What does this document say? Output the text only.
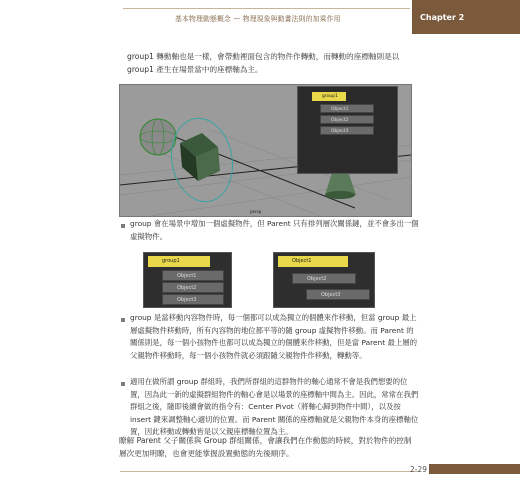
基本物理動態概念 — 物理現象與動畫法則的加乘作用	Chapter 2
group1 轉動軸也是一樣，會帶動裡面包含的物件作轉動，而轉動的座標軸則是以 group1 產生在場景當中的座標軸為主。
persp
group1
Object1
Object2
Object3
group 會在場景中增加一個虛擬物件，但 Parent 只有排列層次關係鏈，並不會多出一個虛擬物件。
group1
Object1
Object2
Object3
Object1
Object2
Object3
group 是當移動內容物件時，每一個都可以成為獨立的個體來作移動，但當 group 最上層虛擬物件移動時，所有內容物的地位都平等的隨 group 虛擬物件移動。而 Parent 的關係則是，每一個小孩物件也都可以成為獨立的個體來作移動，但是當 Parent 最上層的父親物件移動時，每一個小孩物件就必須跟隨父親物件作移動，轉動等。
適用在做所謂 group 群組時，我們所群組的這群物件的軸心通常不會是我們想要的位置，因為此一新的虛擬群組物件的軸心會是以場景的座標軸中間為主。因此，常常在我們群組之後，隨即後續會做的指令有：Center Pivot（將軸心歸到物件中間），以及按 insert 鍵來調整軸心適切的位置。而 Parent 關係的座標軸就是父親物件本身的座標軸位置，因此移動或轉動皆是以父親座標軸位置為主。
瞭解 Parent 父子關係與 Group 群組關係，會讓我們在作動態的時候，對於物件的控制層次更加明瞭，也會更能掌握設置動態的先後順序。
2-29
